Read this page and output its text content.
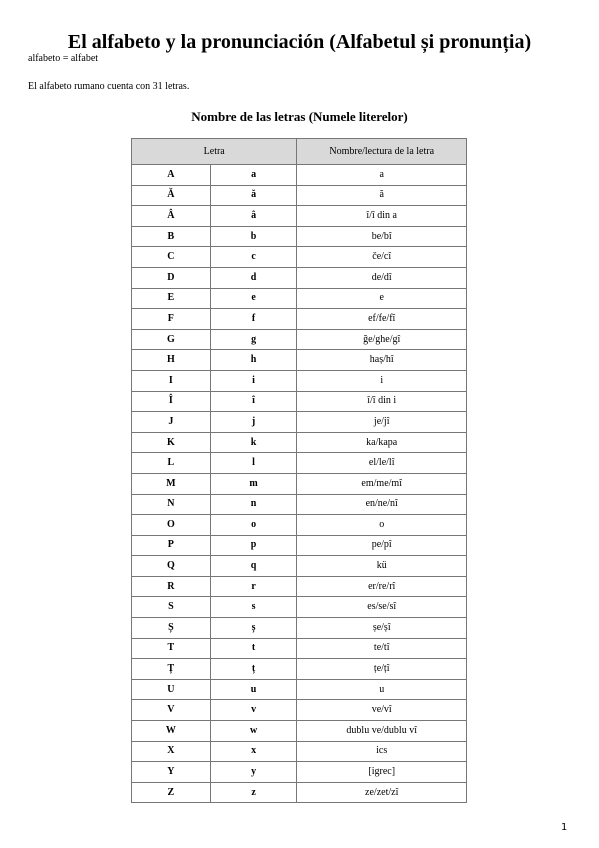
El alfabeto y la pronunciación (Alfabetul și pronunția)
alfabeto = alfabet
El alfabeto rumano cuenta con 31 letras.
Nombre de las letras (Numele literelor)
Letra		Nombre/lectura de la letra
A	a	a
Ă	ă	ă
Â	â	î/î din a
B	b	be/bî
C	c	če/cî
D	d	de/dî
E	e	e
F	f	ef/fe/fî
G	g	ğe/ghe/gî
H	h	haș/hî
I	i	i
Î	î	î/î din i
J	j	je/jî
K	k	ka/kapa
L	l	el/le/lî
M	m	em/me/mî
N	n	en/ne/nî
O	o	o
P	p	pe/pî
Q	q	kü
R	r	er/re/rî
S	s	es/se/sî
Ș	ș	șe/șî
T	t	te/tî
Ț	ț	țe/țî
U	u	u
V	v	ve/vî
W	w	dublu ve/dublu vî
X	x	ics
Y	y	[igrec]
Z	z	ze/zet/zî
1
